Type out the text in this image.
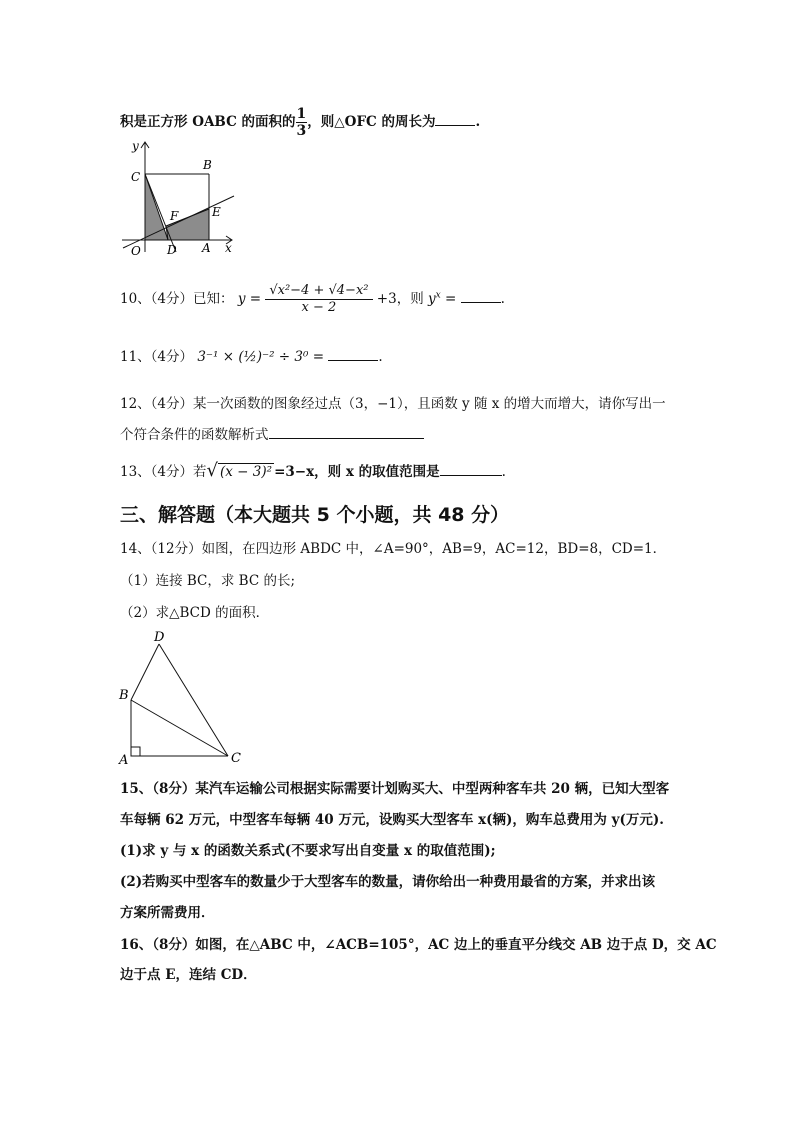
积是正方形 OABC 的面积的 $\frac{1}{3}$ ，则△OFC 的周长为	.
y
x
O	A
B
C
D
E
F
10、（4分）已知： $y = \frac{\text{√x²−4 + √4−x²}}{x - 2} +3$，则 $y^x$ =	.
11、（4分） 3⁻¹ × (½)⁻² ÷ 3⁰ =	.
12、（4分）某一次函数的图象经过点（3，−1），且函数 y 随 x 的增大而增大，请你写出一
个符合条件的函数解析式
13、（4分）若√ (x − 3)² =3−x，则 x 的取值范围是	.
三、解答题（本大题共 5 个小题，共 48 分）
14、（12分）如图，在四边形 ABDC 中，∠A=90°，AB=9，AC=12，BD=8，CD=1．
（1）连接 BC，求 BC 的长;
（2）求△BCD 的面积．
A
B
C
D
15、（8分）某汽车运输公司根据实际需要计划购买大、中型两种客车共 20 辆，已知大型客
车每辆 62 万元，中型客车每辆 40 万元，设购买大型客车 x(辆)，购车总费用为 y(万元).
(1)求 y 与 x 的函数关系式(不要求写出自变量 x 的取值范围);
(2)若购买中型客车的数量少于大型客车的数量，请你给出一种费用最省的方案，并求出该
方案所需费用．
16、（8分）如图，在△ABC 中，∠ACB=105°，AC 边上的垂直平分线交 AB 边于点 D，交 AC
边于点 E，连结 CD．
